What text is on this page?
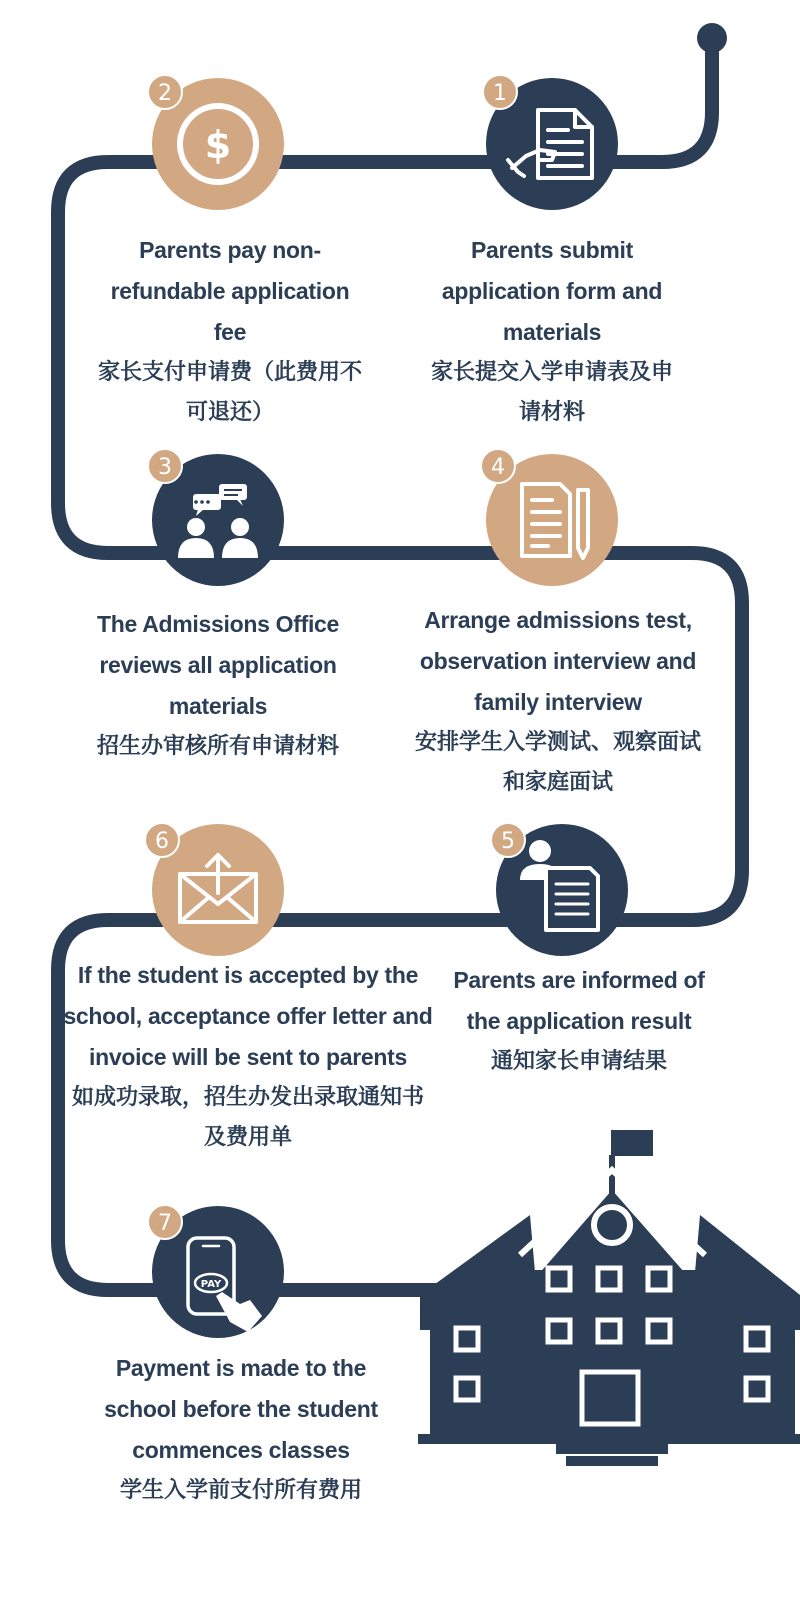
1
$
2
3	4
5
6
PAY
7
Parents submit application form and materials
家长提交入学申请表及申请材料
Parents pay non-refundable application fee
家长支付申请费（此费用不可退还）
The Admissions Office reviews all application materials
招生办审核所有申请材料
Arrange admissions test, observation interview and family interview
安排学生入学测试、观察面试和家庭面试
Parents are informed of the application result
通知家长申请结果
If the student is accepted by the school, acceptance offer letter and invoice will be sent to parents
如成功录取，招生办发出录取通知书及费用单
Payment is made to the school before the student commences classes
学生入学前支付所有费用
